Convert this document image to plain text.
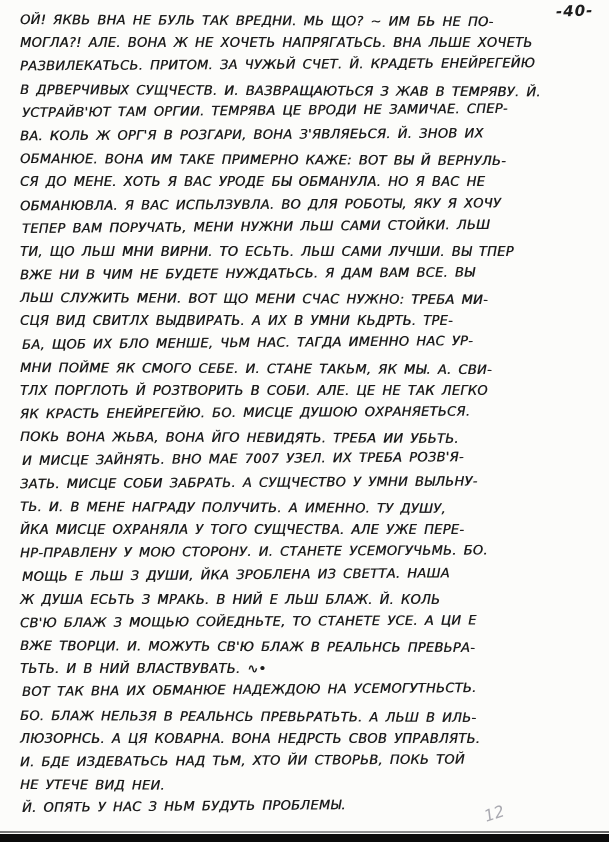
-40-
ОЙ! ЯКВЬ ВНА НЕ БУЛЬ ТАК ВРЕДНИ. МЬ ЩО? ~ ИМ БЬ НЕ ПО-
МОГЛА?! АЛЕ. ВОНА Ж НЕ ХОЧЕТЬ НАПРЯГАТЬСЬ. ВНА ЛЬШЕ ХОЧЕТЬ
РАЗВИЛЕКАТЬСЬ. ПРИТОМ. ЗА ЧУЖЬЙ СЧЕТ. Й. КРАДЕТЬ ЕНЕЙРЕГЕЙЮ
В ДРВЕРЧИВЫХ СУЩЧЕСТВ. И. ВАЗВРАЩАЮТЬСЯ З ЖАВ В ТЕМРЯВУ. Й.
УСТРАЙВ'ЮТ ТАМ ОРГИИ. ТЕМРЯВА ЦЕ ВРОДИ НЕ ЗАМИЧАЕ. СПЕР-
ВА. КОЛЬ Ж ОРГ'Я В РОЗГАРИ, ВОНА З'ЯВЛЯЕЬСЯ. Й. ЗНОВ ИХ
ОБМАНЮЕ. ВОНА ИМ ТАКЕ ПРИМЕРНО КАЖЕ: ВОТ ВЫ Й ВЕРНУЛЬ-
СЯ ДО МЕНЕ. ХОТЬ Я ВАС УРОДЕ БЫ ОБМАНУЛА. НО Я ВАС НЕ
ОБМАНЮВЛА. Я ВАС ИСПЬЛЗУВЛА. ВО ДЛЯ РОБОТЫ, ЯКУ Я ХОЧУ
ТЕПЕР ВАМ ПОРУЧАТЬ, МЕНИ НУЖНИ ЛЬШ САМИ СТОЙКИ. ЛЬШ
ТИ, ЩО ЛЬШ МНИ ВИРНИ. ТО ЕСЬТЬ. ЛЬШ САМИ ЛУЧШИ. ВЫ ТПЕР
ВЖЕ НИ В ЧИМ НЕ БУДЕТЕ НУЖДАТЬСЬ. Я ДАМ ВАМ ВСЕ. ВЫ
ЛЬШ СЛУЖИТЬ МЕНИ. ВОТ ЩО МЕНИ СЧАС НУЖНО: ТРЕБА МИ-
СЦЯ ВИД СВИТЛХ ВЫДВИРАТЬ. А ИХ В УМНИ КЬДРТЬ. ТРЕ-
БА, ЩОБ ИХ БЛО МЕНШЕ, ЧЬМ НАС. ТАГДА ИМЕННО НАС УР-
МНИ ПОЙМЕ ЯК СМОГО СЕБЕ. И. СТАНЕ ТАКЬМ, ЯК МЫ. А. СВИ-
ТЛХ ПОРГЛОТЬ Й РОЗТВОРИТЬ В СОБИ. АЛЕ. ЦЕ НЕ ТАК ЛЕГКО
ЯК КРАСТЬ ЕНЕЙРЕГЕЙЮ. БО. МИСЦЕ ДУШОЮ ОХРАНЯЕТЬСЯ.
ПОКЬ ВОНА ЖЬВА, ВОНА ЙГО НЕВИДЯТЬ. ТРЕБА ИИ УБЬТЬ.
И МИСЦЕ ЗАЙНЯТЬ. ВНО МАЕ 7007 УЗЕЛ. ИХ ТРЕБА РОЗВ'Я-
ЗАТЬ. МИСЦЕ СОБИ ЗАБРАТЬ. А СУЩЧЕСТВО У УМНИ ВЫЛЬНУ-
ТЬ. И. В МЕНЕ НАГРАДУ ПОЛУЧИТЬ. А ИМЕННО. ТУ ДУШУ,
ЙКА МИСЦЕ ОХРАНЯЛА У ТОГО СУЩЧЕСТВА. АЛЕ УЖЕ ПЕРЕ-
НР-ПРАВЛЕНУ У МОЮ СТОРОНУ. И. СТАНЕТЕ УСЕМОГУЧЬМЬ. БО.
МОЩЬ Е ЛЬШ З ДУШИ, ЙКА ЗРОБЛЕНА ИЗ СВЕТТА. НАША
Ж ДУША ЕСЬТЬ З МРАКЬ. В НИЙ Е ЛЬШ БЛАЖ. Й. КОЛЬ
СВ'Ю БЛАЖ З МОЩЬЮ СОЙЕДНЬТЕ, ТО СТАНЕТЕ УСЕ. А ЦИ Е
ВЖЕ ТВОРЦИ. И. МОЖУТЬ СВ'Ю БЛАЖ В РЕАЛЬНСЬ ПРЕВЬРА-
ТЬТЬ. И В НИЙ ВЛАСТВУВАТЬ. ∿•
ВОТ ТАК ВНА ИХ ОБМАНЮЕ НАДЕЖДОЮ НА УСЕМОГУТНЬСТЬ.
БО. БЛАЖ НЕЛЬЗЯ В РЕАЛЬНСЬ ПРЕВЬРАТЬТЬ. А ЛЬШ В ИЛЬ-
ЛЮЗОРНСЬ. А ЦЯ КОВАРНА. ВОНА НЕДРСТЬ СВОВ УПРАВЛЯТЬ.
И. БДЕ ИЗДЕВАТЬСЬ НАД ТЬМ, ХТО ЙИ СТВОРЬВ, ПОКЬ ТОЙ
НЕ УТЕЧЕ ВИД НЕИ.
Й. ОПЯТЬ У НАС З НЬМ БУДУТЬ ПРОБЛЕМЫ.	12
